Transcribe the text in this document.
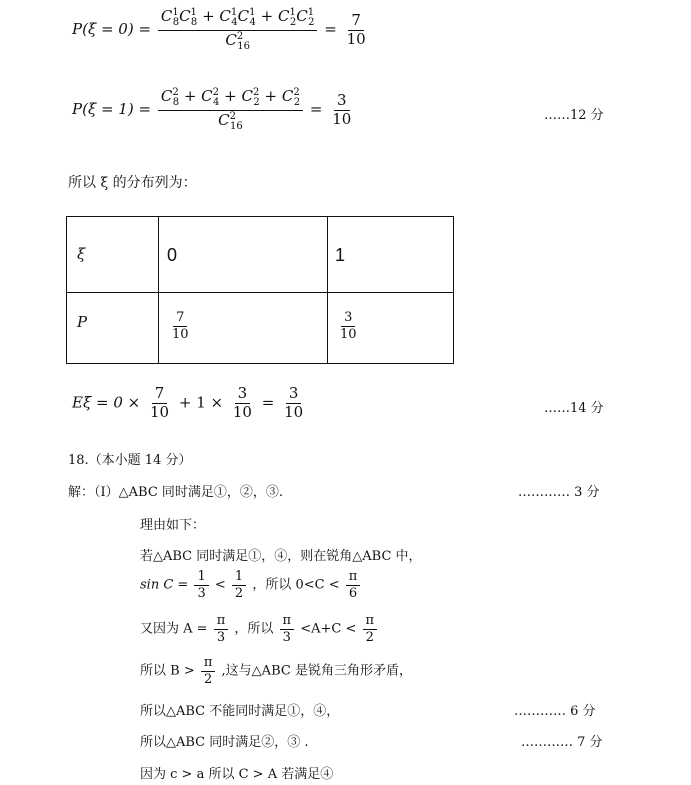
$P(\xi = 0) = \frac{C^1_8C^1_8 + C^1_4C^1_4 + C^1_2C^1_2}{C^2_{16}} = \frac{7}{10}$
$P(\xi = 1) = \frac{C^2_8 + C^2_4 + C^2_2 + C^2_2}{C^2_{16}} = \frac{3}{10}$	……12 分
所以 ξ 的分布列为：
ξ	0	1
P	$\frac{7}{10}$	$\frac{3}{10}$
$E\xi = 0 \times \frac{7}{10} + 1 \times \frac{3}{10} = \frac{3}{10}$	……14 分
18.（本小题 14 分）
解：（Ⅰ）△ABC 同时满足①，②，③.	………… 3 分
理由如下：
若△ABC 同时满足①，④，则在锐角△ABC 中，
$\sin C = \frac{1}{3} < \frac{1}{2}$ ，所以 $0<C < \frac{\pi}{6}$
又因为 $A = \frac{\pi}{3}$ ，所以 $\frac{\pi}{3} <A+C < \frac{\pi}{2}$
所以 $B > \frac{\pi}{2}$ ,这与△ABC 是锐角三角形矛盾，
所以△ABC 不能同时满足①，④，	………… 6 分
所以△ABC 同时满足②，③ .	………… 7 分
因为 c > a 所以 C > A 若满足④
